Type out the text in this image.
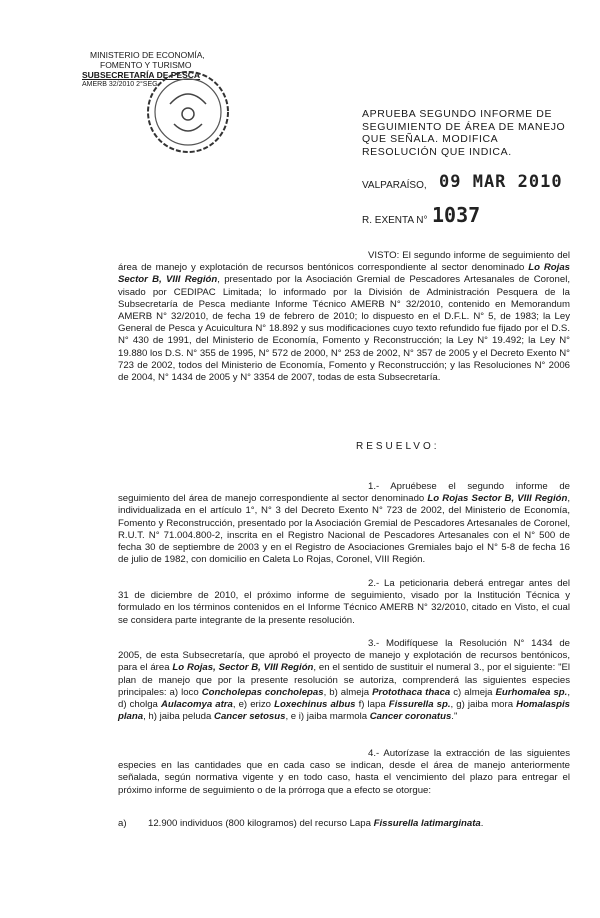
MINISTERIO DE ECONOMÍA,
FOMENTO Y TURISMO
SUBSECRETARÍA DE PESCA
AMERB 32/2010 2°SEG
APRUEBA SEGUNDO INFORME DE SEGUIMIENTO DE ÁREA DE MANEJO QUE SEÑALA. MODIFICA RESOLUCIÓN QUE INDICA.
VALPARAÍSO, 09 MAR 2010
R. EXENTA N° 1037
VISTO: El segundo informe de seguimiento del área de manejo y explotación de recursos bentónicos correspondiente al sector denominado Lo Rojas Sector B, VIII Región, presentado por la Asociación Gremial de Pescadores Artesanales de Coronel, visado por CEDIPAC Limitada; lo informado por la División de Administración Pesquera de la Subsecretaría de Pesca mediante Informe Técnico AMERB N° 32/2010, contenido en Memorandum AMERB N° 32/2010, de fecha 19 de febrero de 2010; lo dispuesto en el D.F.L. N° 5, de 1983; la Ley General de Pesca y Acuicultura N° 18.892 y sus modificaciones cuyo texto refundido fue fijado por el D.S. N° 430 de 1991, del Ministerio de Economía, Fomento y Reconstrucción; la Ley N° 19.492; la Ley N° 19.880 los D.S. N° 355 de 1995, N° 572 de 2000, N° 253 de 2002, N° 357 de 2005 y el Decreto Exento N° 723 de 2002, todos del Ministerio de Economía, Fomento y Reconstrucción; y las Resoluciones N° 2006 de 2004, N° 1434 de 2005 y N° 3354 de 2007, todas de esta Subsecretaría.
RESUELVO:
1.- Apruébese el segundo informe de seguimiento del área de manejo correspondiente al sector denominado Lo Rojas Sector B, VIII Región, individualizada en el artículo 1°, N° 3 del Decreto Exento N° 723 de 2002, del Ministerio de Economía, Fomento y Reconstrucción, presentado por la Asociación Gremial de Pescadores Artesanales de Coronel, R.U.T. N° 71.004.800-2, inscrita en el Registro Nacional de Pescadores Artesanales con el N° 500 de fecha 30 de septiembre de 2003 y en el Registro de Asociaciones Gremiales bajo el N° 5-8 de fecha 16 de julio de 1982, con domicilio en Caleta Lo Rojas, Coronel, VIII Región.
2.- La peticionaria deberá entregar antes del 31 de diciembre de 2010, el próximo informe de seguimiento, visado por la Institución Técnica y formulado en los términos contenidos en el Informe Técnico AMERB N° 32/2010, citado en Visto, el cual se considera parte integrante de la presente resolución.
3.- Modifíquese la Resolución N° 1434 de 2005, de esta Subsecretaría, que aprobó el proyecto de manejo y explotación de recursos bentónicos, para el área Lo Rojas, Sector B, VIII Región, en el sentido de sustituir el numeral 3., por el siguiente: "El plan de manejo que por la presente resolución se autoriza, comprenderá las siguientes especies principales: a) loco Concholepas concholepas, b) almeja Protothaca thaca c) almeja Eurhomalea sp., d) cholga Aulacomya atra, e) erizo Loxechinus albus f) lapa Fissurella sp., g) jaiba mora Homalaspis plana, h) jaiba peluda Cancer setosus, e i) jaiba marmola Cancer coronatus."
4.- Autorízase la extracción de las siguientes especies en las cantidades que en cada caso se indican, desde el área de manejo anteriormente señalada, según normativa vigente y en todo caso, hasta el vencimiento del plazo para entregar el próximo informe de seguimiento o de la prórroga que a efecto se otorgue:
a) 12.900 individuos (800 kilogramos) del recurso Lapa Fissurella latimarginata.
